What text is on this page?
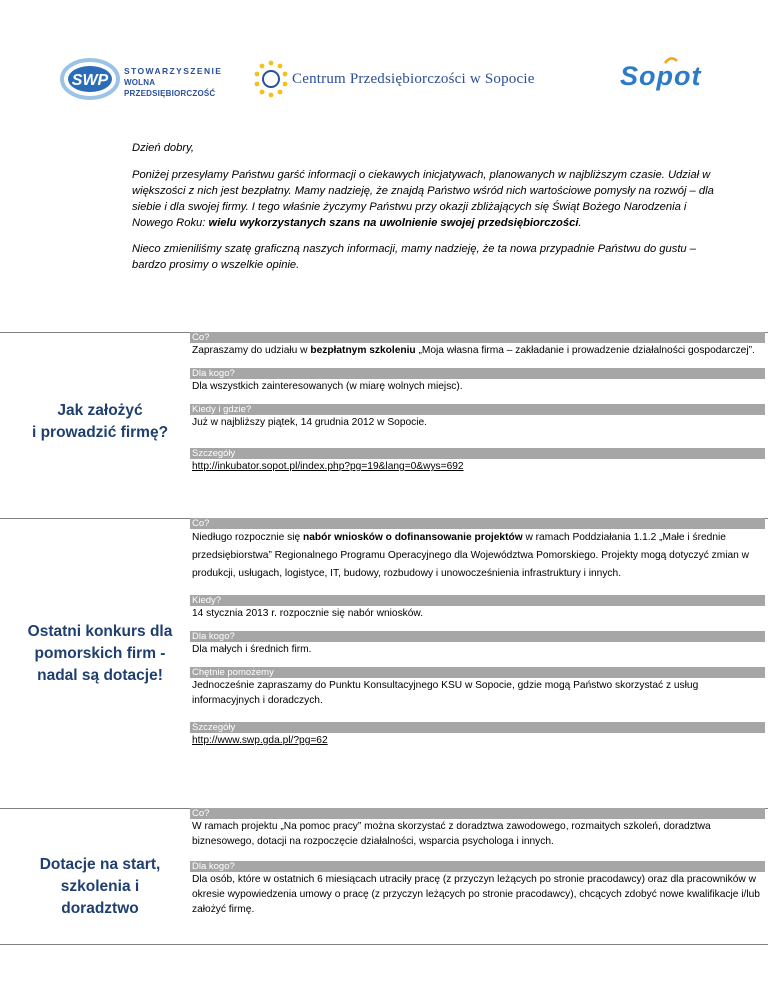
SWP
STOWARZYSZENIE
WOLNA PRZEDSIĘBIORCZOŚĆ
Centrum Przedsiębiorczości w Sopocie	Sopot

Dzień dobry,

Poniżej przesyłamy Państwu garść informacji o ciekawych inicjatywach, planowanych w najbliższym czasie. Udział w większości z nich jest bezpłatny. Mamy nadzieję, że znajdą Państwo wśród nich wartościowe pomysły na rozwój – dla siebie i dla swojej firmy. I tego właśnie życzymy Państwu przy okazji zbliżających się Świąt Bożego Narodzenia i Nowego Roku: wielu wykorzystanych szans na uwolnienie swojej przedsiębiorczości.

Nieco zmieniliśmy szatę graficzną naszych informacji, mamy nadzieję, że ta nowa przypadnie Państwu do gustu – bardzo prosimy o wszelkie opinie.

Jak założyć
i prowadzić firmę?
Co?
Zapraszamy do udziału w bezpłatnym szkoleniu „Moja własna firma – zakładanie i prowadzenie działalności gospodarczej”.
Dla kogo?
Dla wszystkich zainteresowanych (w miarę wolnych miejsc).
Kiedy i gdzie?
Już w najbliższy piątek, 14 grudnia 2012 w Sopocie.
Szczegóły
http://inkubator.sopot.pl/index.php?pg=19&lang=0&wys=692
Ostatni konkurs dla
pomorskich firm -
nadal są dotacje!
Co?
Niedługo rozpocznie się nabór wniosków o dofinansowanie projektów w ramach Poddziałania 1.1.2 „Małe i średnie przedsiębiorstwa” Regionalnego Programu Operacyjnego dla Województwa Pomorskiego. Projekty mogą dotyczyć zmian w produkcji, usługach, logistyce, IT, budowy, rozbudowy i unowocześnienia infrastruktury i innych.
Kiedy?
14 stycznia 2013 r. rozpocznie się nabór wniosków.
Dla kogo?
Dla małych i średnich firm.
Chętnie pomożemy
Jednocześnie zapraszamy do Punktu Konsultacyjnego KSU w Sopocie, gdzie mogą Państwo skorzystać z usług informacyjnych i doradczych.
Szczegóły
http://www.swp.gda.pl/?pg=62
Dotacje na start,
szkolenia i doradztwo
Co?
W ramach projektu „Na pomoc pracy” można skorzystać z doradztwa zawodowego, rozmaitych szkoleń, doradztwa biznesowego, dotacji na rozpoczęcie działalności, wsparcia psychologa i innych.
Dla kogo?
Dla osób, które w ostatnich 6 miesiącach utraciły pracę (z przyczyn leżących po stronie pracodawcy) oraz dla pracowników w okresie wypowiedzenia umowy o pracę (z przyczyn leżących po stronie pracodawcy), chcących zdobyć nowe kwalifikacje i/lub założyć firmę.
